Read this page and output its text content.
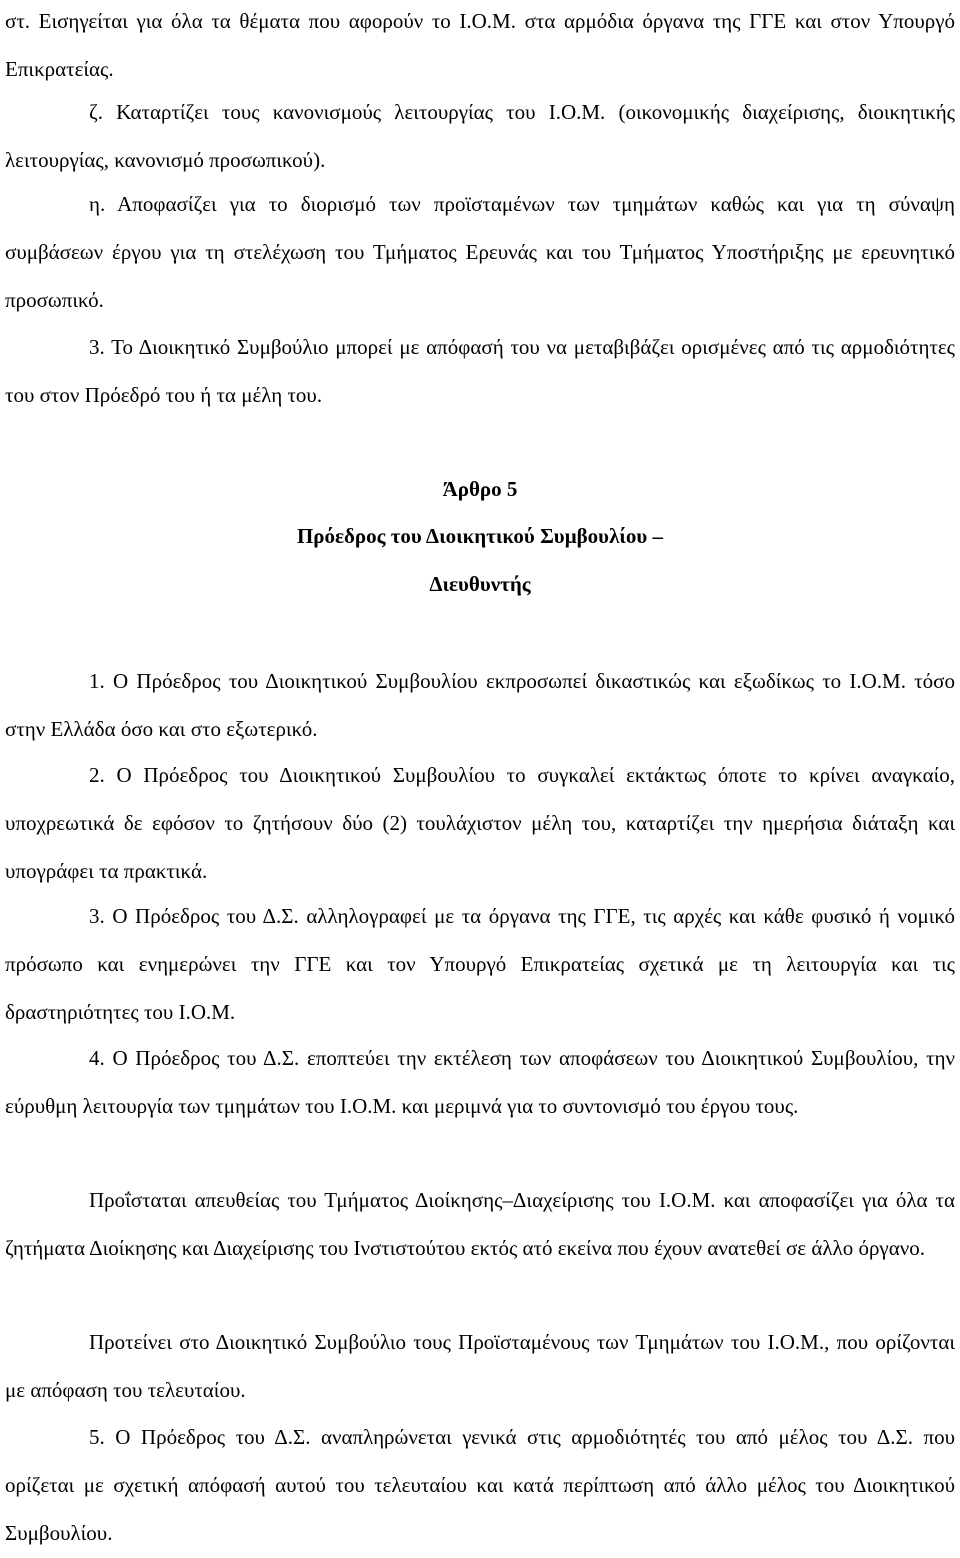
στ. Εισηγείται για όλα τα θέματα που αφορούν το Ι.Ο.Μ. στα αρμόδια όργανα της ΓΓΕ και στον Υπουργό Επικρατείας.

ζ. Καταρτίζει τους κανονισμούς λειτουργίας του Ι.Ο.Μ. (οικονομικής διαχείρισης, διοικητικής λειτουργίας, κανονισμό προσωπικού).

η. Αποφασίζει για το διορισμό των προϊσταμένων των τμημάτων καθώς και για τη σύναψη συμβάσεων έργου για τη στελέχωση του Τμήματος Ερευνάς και του Τμήματος Υποστήριξης με ερευνητικό προσωπικό.

3. Το Διοικητικό Συμβούλιο μπορεί με απόφασή του να μεταβιβάζει ορισμένες από τις αρμοδιότητες του στον Πρόεδρό του ή τα μέλη του.

Άρθρο 5

Πρόεδρος του Διοικητικού Συμβουλίου –

Διευθυντής

1. Ο Πρόεδρος του Διοικητικού Συμβουλίου εκπροσωπεί δικαστικώς και εξωδίκως το Ι.Ο.Μ. τόσο στην Ελλάδα όσο και στο εξωτερικό.

2. Ο Πρόεδρος του Διοικητικού Συμβουλίου το συγκαλεί εκτάκτως όποτε το κρίνει αναγκαίο, υποχρεωτικά δε εφόσον το ζητήσουν δύο (2) τουλάχιστον μέλη του, καταρτίζει την ημερήσια διάταξη και υπογράφει τα πρακτικά.

3. Ο Πρόεδρος του Δ.Σ. αλληλογραφεί με τα όργανα της ΓΓΕ, τις αρχές και κάθε φυσικό ή νομικό πρόσωπο και ενημερώνει την ΓΓΕ και τον Υπουργό Επικρατείας σχετικά με τη λειτουργία και τις δραστηριότητες του Ι.Ο.Μ.

4. Ο Πρόεδρος του Δ.Σ. εποπτεύει την εκτέλεση των αποφάσεων του Διοικητικού Συμβουλίου, την εύρυθμη λειτουργία των τμημάτων του Ι.Ο.Μ. και μεριμνά για το συντονισμό του έργου τους.

Προΐσταται απευθείας του Τμήματος Διοίκησης–Διαχείρισης του Ι.Ο.Μ. και αποφασίζει για όλα τα ζητήματα Διοίκησης και Διαχείρισης του Ινστιστούτου εκτός ατό εκείνα που έχουν ανατεθεί σε άλλο όργανο.

Προτείνει στο Διοικητικό Συμβούλιο τους Προϊσταμένους των Τμημάτων του Ι.Ο.Μ., που ορίζονται με απόφαση του τελευταίου.

5. Ο Πρόεδρος του Δ.Σ. αναπληρώνεται γενικά στις αρμοδιότητές του από μέλος του Δ.Σ. που ορίζεται με σχετική απόφασή αυτού του τελευταίου και κατά περίπτωση από άλλο μέλος του Διοικητικού Συμβουλίου.
